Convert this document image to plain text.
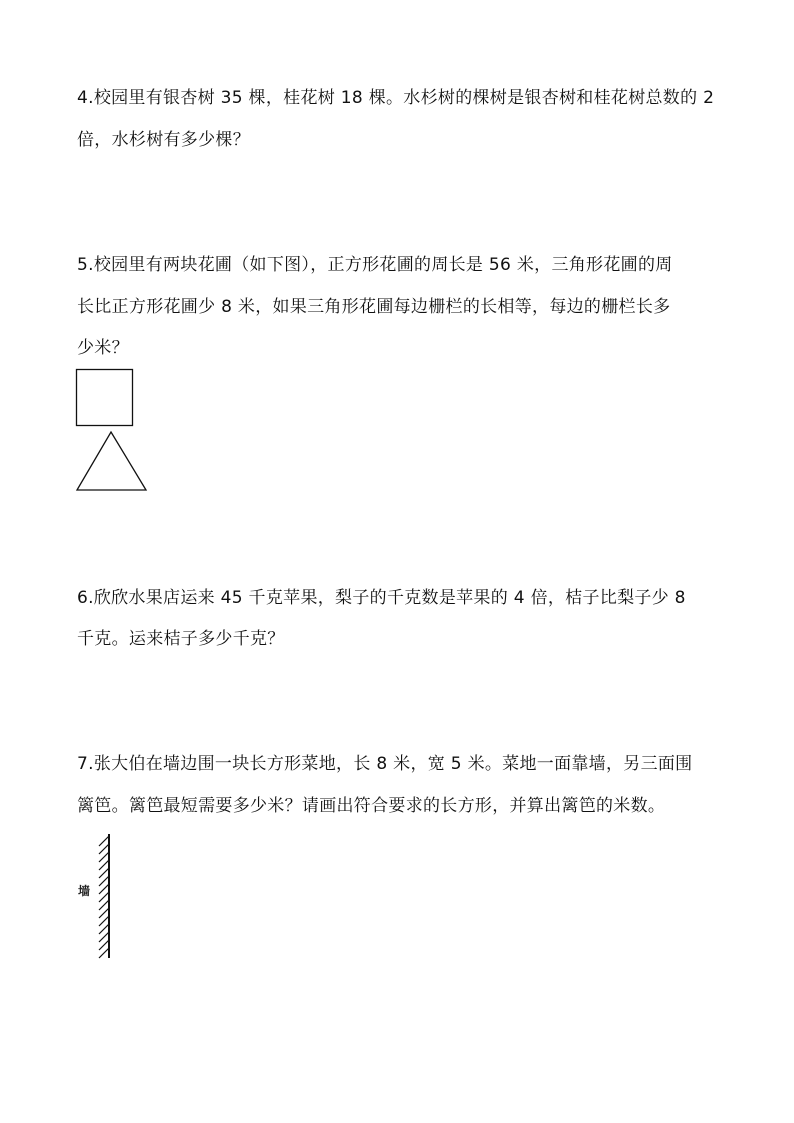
4.校园里有银杏树 35 棵，桂花树 18 棵。水杉树的棵树是银杏树和桂花树总数的 2
倍，水杉树有多少棵？
5.校园里有两块花圃（如下图），正方形花圃的周长是 56 米，三角形花圃的周
长比正方形花圃少 8 米，如果三角形花圃每边栅栏的长相等，每边的栅栏长多
少米？
6.欣欣水果店运来 45 千克苹果，梨子的千克数是苹果的 4 倍，桔子比梨子少 8
千克。运来桔子多少千克？
7.张大伯在墙边围一块长方形菜地，长 8 米，宽 5 米。菜地一面靠墙，另三面围
篱笆。篱笆最短需要多少米？请画出符合要求的长方形，并算出篱笆的米数。
墙
